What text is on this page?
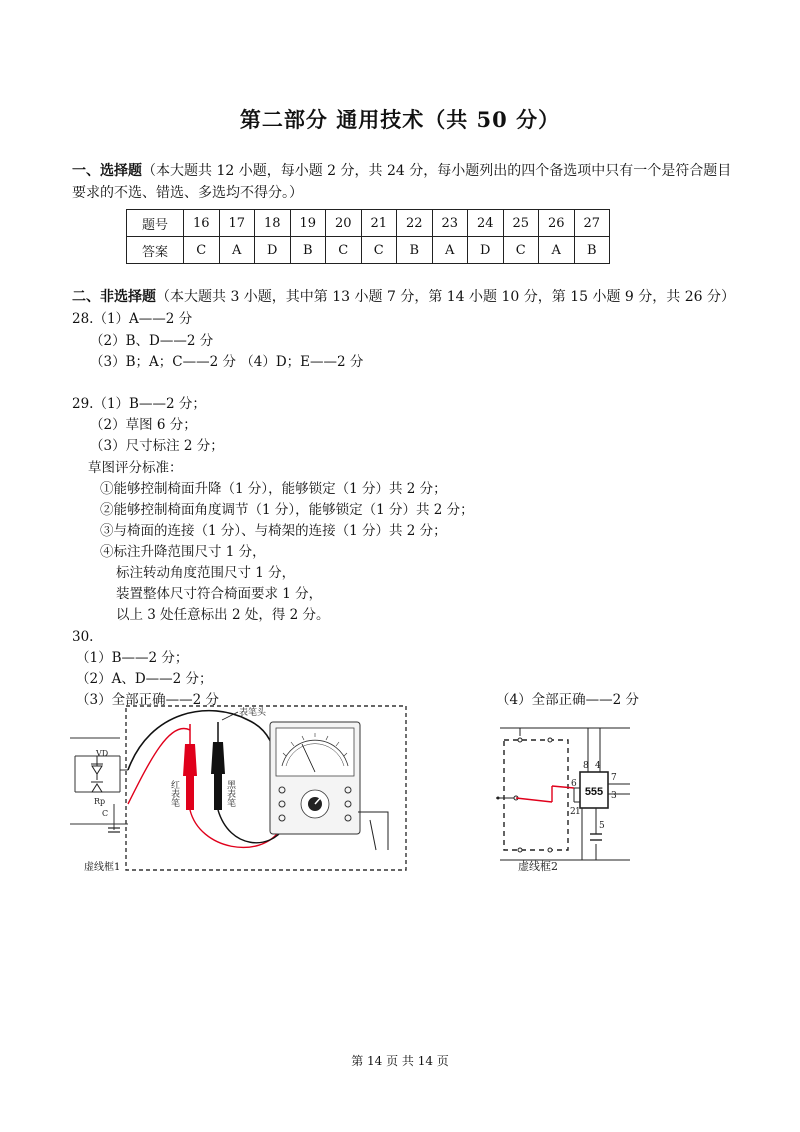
第二部分 通用技术（共 50 分）
一、选择题（本大题共 12 小题，每小题 2 分，共 24 分，每小题列出的四个备选项中只有一个是符合题目
要求的不选、错选、多选均不得分。）
题号	16	17	18	19	20	21	22	23	24	25	26	27
答案	C	A	D	B	C	C	B	A	D	C	A	B
二、非选择题（本大题共 3 小题，其中第 13 小题 7 分，第 14 小题 10 分，第 15 小题 9 分，共 26 分）
28.（1）A——2 分
（2）B、D——2 分
（3）B；A；C——2 分 （4）D；E——2 分
29.（1）B——2 分；
（2）草图 6 分；
（3）尺寸标注 2 分；
草图评分标准：
①能够控制椅面升降（1 分），能够锁定（1 分）共 2 分；
②能够控制椅面角度调节（1 分），能够锁定（1 分）共 2 分；
③与椅面的连接（1 分）、与椅架的连接（1 分）共 2 分；
④标注升降范围尺寸 1 分，
标注转动角度范围尺寸 1 分，
装置整体尺寸符合椅面要求 1 分，
以上 3 处任意标出 2 处，得 2 分。
30.
（1）B——2 分；
（2）A、D——2 分；
（3）全部正确——2 分	（4）全部正确——2 分
VD
Rp
C
红表笔	黑表笔
表笔头
虚线框1
555
8 4
7
6
3
2 1
5
虚线框2
第 14 页 共 14 页
